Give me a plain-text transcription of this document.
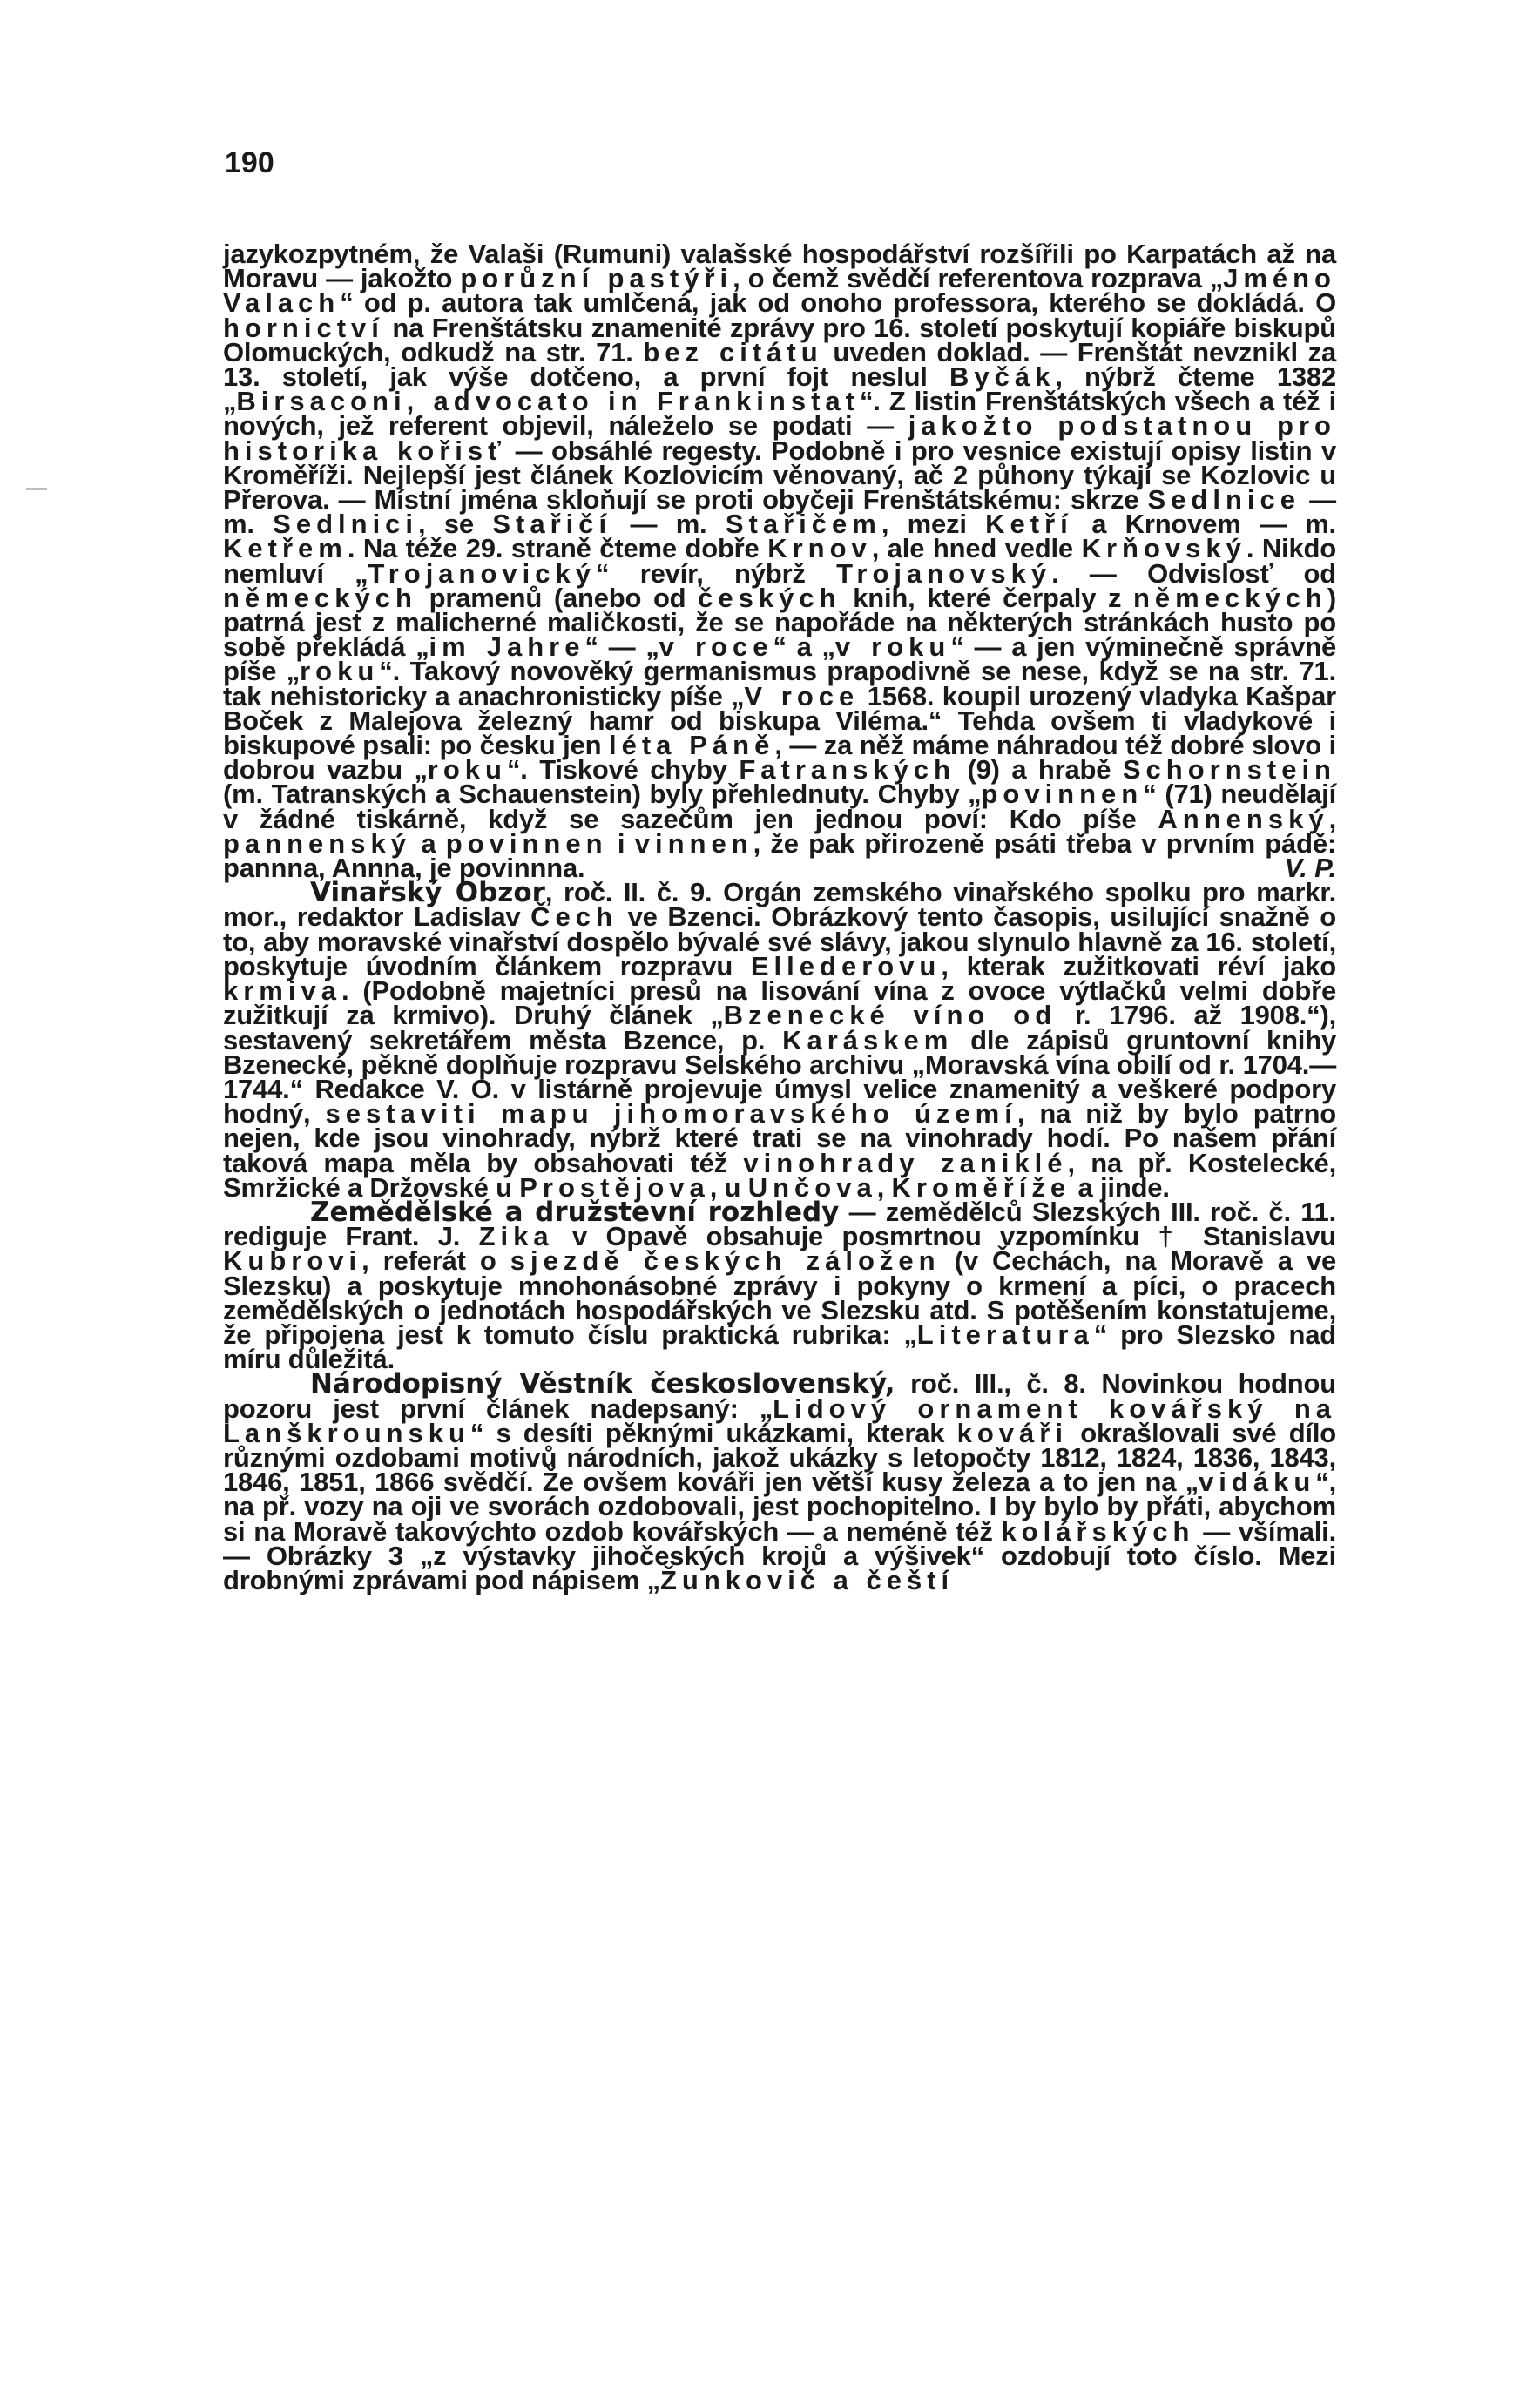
190

jazykozpytném, že Valaši (Rumuni) valašské hospodářství rozšířili po Karpatách až na Moravu — jakožto porůzní pastýři, o čemž svědčí referentova rozprava „Jméno Valach“ od p. autora tak umlčená, jak od onoho professora, kterého se dokládá. O hornictví na Frenštátsku znamenité zprávy pro 16. století poskytují kopiáře biskupů Olomuckých, odkudž na str. 71. bez citátu uveden doklad. — Frenštát nevznikl za 13. století, jak výše dotčeno, a první fojt neslul Byčák, nýbrž čteme 1382 „Birsaconi, advocato in Frankinstat“. Z listin Frenštátských všech a též i nových, jež referent objevil, náleželo se podati — jakožto podstatnou pro historika kořisť — obsáhlé regesty. Podobně i pro vesnice existují opisy listin v Kroměříži. Nejlepší jest článek Kozlovicím věnovaný, ač 2 půhony týkají se Kozlovic u Přerova. — Místní jména skloňují se proti obyčeji Frenštátskému: skrze Sedlnice — m. Sedlnici, se Stařičí — m. Stařičem, mezi Ketří a Krnovem — m. Ketřem. Na téže 29. straně čteme dobře Krnov, ale hned vedle Krňovský. Nikdo nemluví „Trojanovický“ revír, nýbrž Trojanovský. — Odvislosť od německých pramenů (anebo od českých knih, které čerpaly z německých) patrná jest z malicherné maličkosti, že se napořáde na některých stránkách husto po sobě překládá „im Jahre“ — „v roce“ a „v roku“ — a jen výminečně správně píše „roku“. Takový novověký germanismus prapodivně se nese, když se na str. 71. tak nehistoricky a anachronisticky píše „V roce 1568. koupil urozený vladyka Kašpar Boček z Malejova železný hamr od biskupa Viléma.“ Tehda ovšem ti vladykové i biskupové psali: po česku jen léta Páně, — za něž máme náhradou též dobré slovo i dobrou vazbu „roku“. Tiskové chyby Fatranských (9) a hrabě Schornstein (m. Tatranských a Schauenstein) byly přehlednuty. Chyby „povinnen“ (71) neudělají v žádné tiskárně, když se sazečům jen jednou poví: Kdo píše Annenský, pannenský a povinnen i vinnen, že pak přirozeně psáti třeba v prvním pádě: pannna, Annna, je povinnna.	V. P.

Vinařský Obzor, roč. II. č. 9. Orgán zemského vinařského spolku pro markr. mor., redaktor Ladislav Čech ve Bzenci. Obrázkový tento časopis, usilující snažně o to, aby moravské vinařství dospělo bývalé své slávy, jakou slynulo hlavně za 16. století, poskytuje úvodním článkem rozpravu Ellederovu, kterak zužitkovati réví jako krmiva. (Podobně majetníci presů na lisování vína z ovoce výtlačků velmi dobře zužitkují za krmivo). Druhý článek „Bzenecké víno od r. 1796. až 1908.“), sestavený sekretářem města Bzence, p. Karáskem dle zápisů gruntovní knihy Bzenecké, pěkně doplňuje rozpravu Selského archivu „Moravská vína obilí od r. 1704.—1744.“ Redakce V. O. v listárně projevuje úmysl velice znamenitý a veškeré podpory hodný, sestaviti mapu jihomoravského území, na niž by bylo patrno nejen, kde jsou vinohrady, nýbrž které trati se na vinohrady hodí. Po našem přání taková mapa měla by obsahovati též vinohrady zaniklé, na př. Kostelecké, Smržické a Držovské u Prostějova, u Unčova, Kroměříže a jinde.

Zemědělské a družstevní rozhledy — zemědělců Slezských III. roč. č. 11. rediguje Frant. J. Zika v Opavě obsahuje posmrtnou vzpomínku † Stanislavu Kubrovi, referát o sjezdě českých záložen (v Čechách, na Moravě a ve Slezsku) a poskytuje mnohonásobné zprávy i pokyny o krmení a píci, o pracech zemědělských o jednotách hospodářských ve Slezsku atd. S potěšením konstatujeme, že připojena jest k tomuto číslu praktická rubrika: „Literatura“ pro Slezsko nad míru důležitá.

Národopisný Věstník československý, roč. III., č. 8. Novinkou hodnou pozoru jest první článek nadepsaný: „Lidový ornament kovářský na Lanškrounsku“ s desíti pěknými ukázkami, kterak kováři okrašlovali své dílo různými ozdobami motivů národních, jakož ukázky s letopočty 1812, 1824, 1836, 1843, 1846, 1851, 1866 svědčí. Že ovšem kováři jen větší kusy železa a to jen na „vidáku“, na př. vozy na oji ve svorách ozdobovali, jest pochopitelno. I by bylo by přáti, abychom si na Moravě takovýchto ozdob kovářských — a neméně též kolářských — všímali. — Obrázky 3 „z výstavky jihočeských krojů a výšivek“ ozdobují toto číslo. Mezi drobnými zprávami pod nápisem „Žunkovič a čeští
